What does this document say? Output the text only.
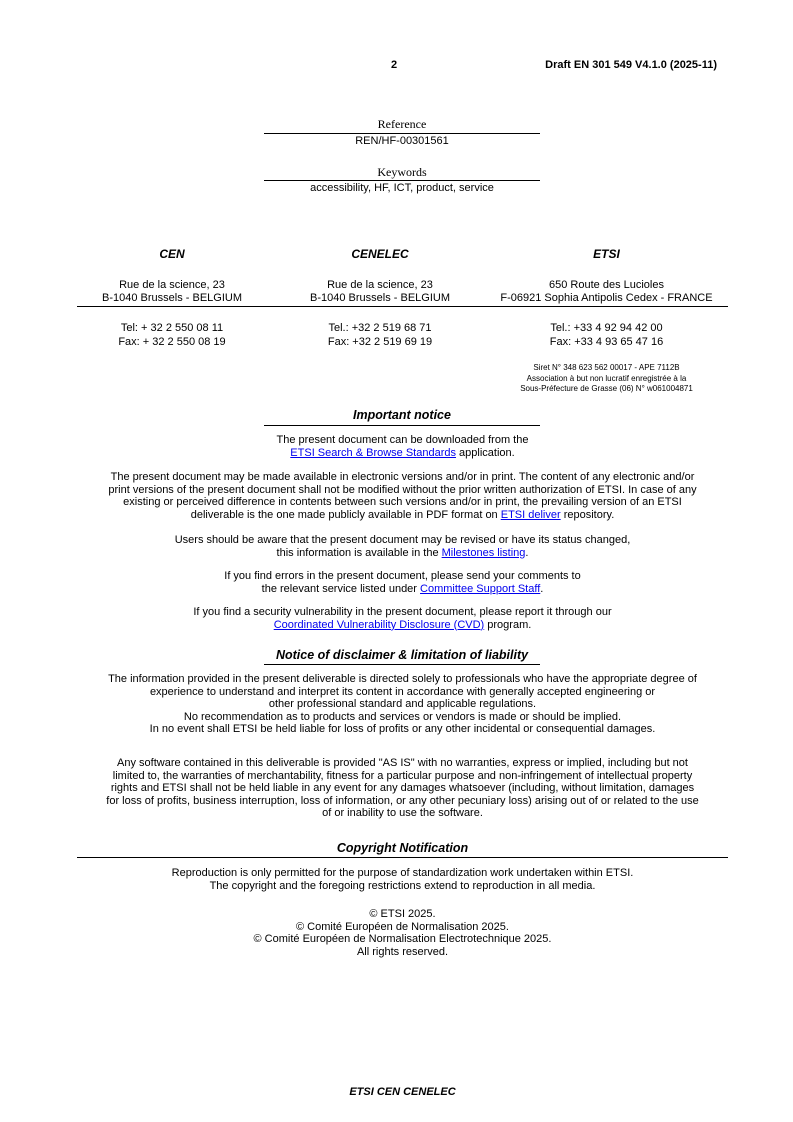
2	Draft EN 301 549 V4.1.0 (2025-11)
Reference
REN/HF-00301561
Keywords
accessibility, HF, ICT, product, service
CEN
Rue de la science, 23
B-1040 Brussels - BELGIUM
Tel: + 32 2 550 08 11
Fax: + 32 2 550 08 19
CENELEC
Rue de la science, 23
B-1040 Brussels - BELGIUM
Tel.: +32 2 519 68 71
Fax: +32 2 519 69 19
ETSI
650 Route des Lucioles
F-06921 Sophia Antipolis Cedex - FRANCE
Tel.: +33 4 92 94 42 00
Fax: +33 4 93 65 47 16
Siret N° 348 623 562 00017 - APE 7112B
Association à but non lucratif enregistrée à la
Sous-Préfecture de Grasse (06) N° w061004871
Important notice
The present document can be downloaded from the
ETSI Search & Browse Standards application.
The present document may be made available in electronic versions and/or in print. The content of any electronic and/or
print versions of the present document shall not be modified without the prior written authorization of ETSI. In case of any
existing or perceived difference in contents between such versions and/or in print, the prevailing version of an ETSI
deliverable is the one made publicly available in PDF format on ETSI deliver repository.
Users should be aware that the present document may be revised or have its status changed,
this information is available in the Milestones listing.
If you find errors in the present document, please send your comments to
the relevant service listed under Committee Support Staff.
If you find a security vulnerability in the present document, please report it through our
Coordinated Vulnerability Disclosure (CVD) program.
Notice of disclaimer & limitation of liability
The information provided in the present deliverable is directed solely to professionals who have the appropriate degree of
experience to understand and interpret its content in accordance with generally accepted engineering or
other professional standard and applicable regulations.
No recommendation as to products and services or vendors is made or should be implied.
In no event shall ETSI be held liable for loss of profits or any other incidental or consequential damages.
Any software contained in this deliverable is provided "AS IS" with no warranties, express or implied, including but not
limited to, the warranties of merchantability, fitness for a particular purpose and non-infringement of intellectual property
rights and ETSI shall not be held liable in any event for any damages whatsoever (including, without limitation, damages
for loss of profits, business interruption, loss of information, or any other pecuniary loss) arising out of or related to the use
of or inability to use the software.
Copyright Notification
Reproduction is only permitted for the purpose of standardization work undertaken within ETSI.
The copyright and the foregoing restrictions extend to reproduction in all media.
© ETSI 2025.
© Comité Européen de Normalisation 2025.
© Comité Européen de Normalisation Electrotechnique 2025.
All rights reserved.
ETSI CEN CENELEC
